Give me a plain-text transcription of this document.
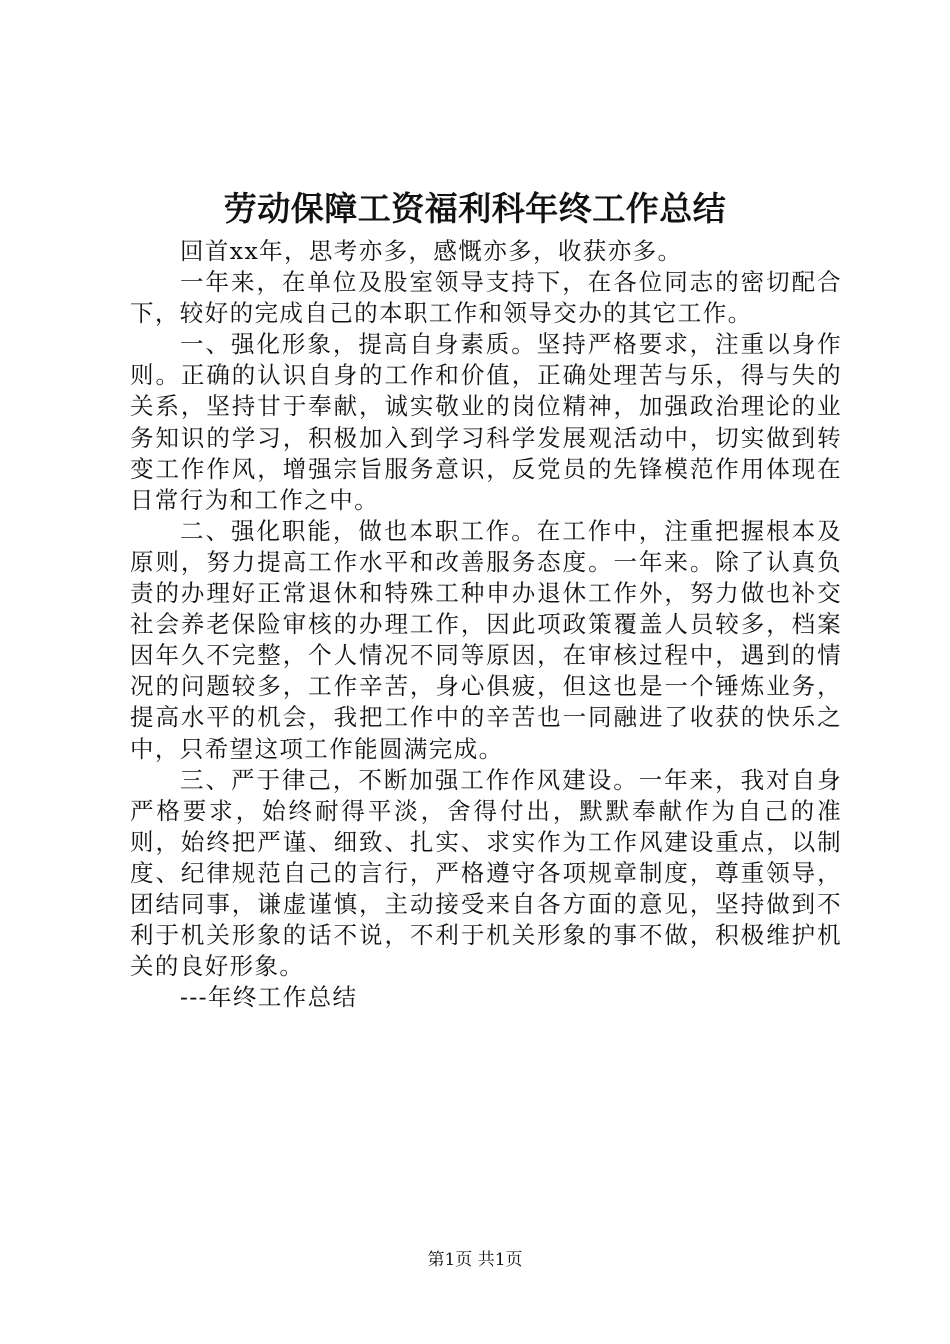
劳动保障工资福利科年终工作总结

回首xx年，思考亦多，感慨亦多，收获亦多。

一年来，在单位及股室领导支持下，在各位同志的密切配合下，较好的完成自己的本职工作和领导交办的其它工作。

一、强化形象，提高自身素质。坚持严格要求，注重以身作则。正确的认识自身的工作和价值，正确处理苦与乐，得与失的关系，坚持甘于奉献，诚实敬业的岗位精神，加强政治理论的业务知识的学习，积极加入到学习科学发展观活动中，切实做到转变工作作风，增强宗旨服务意识，反党员的先锋模范作用体现在日常行为和工作之中。

二、强化职能，做也本职工作。在工作中，注重把握根本及原则，努力提高工作水平和改善服务态度。一年来。除了认真负责的办理好正常退休和特殊工种申办退休工作外，努力做也补交社会养老保险审核的办理工作，因此项政策覆盖人员较多，档案因年久不完整，个人情况不同等原因，在审核过程中，遇到的情况的问题较多，工作辛苦，身心俱疲，但这也是一个锤炼业务，提高水平的机会，我把工作中的辛苦也一同融进了收获的快乐之中，只希望这项工作能圆满完成。

三、严于律己，不断加强工作作风建设。一年来，我对自身严格要求，始终耐得平淡，舍得付出，默默奉献作为自己的准则，始终把严谨、细致、扎实、求实作为工作风建设重点，以制度、纪律规范自己的言行，严格遵守各项规章制度，尊重领导，团结同事，谦虚谨慎，主动接受来自各方面的意见，坚持做到不利于机关形象的话不说，不利于机关形象的事不做，积极维护机关的良好形象。

---年终工作总结

第1页 共1页
